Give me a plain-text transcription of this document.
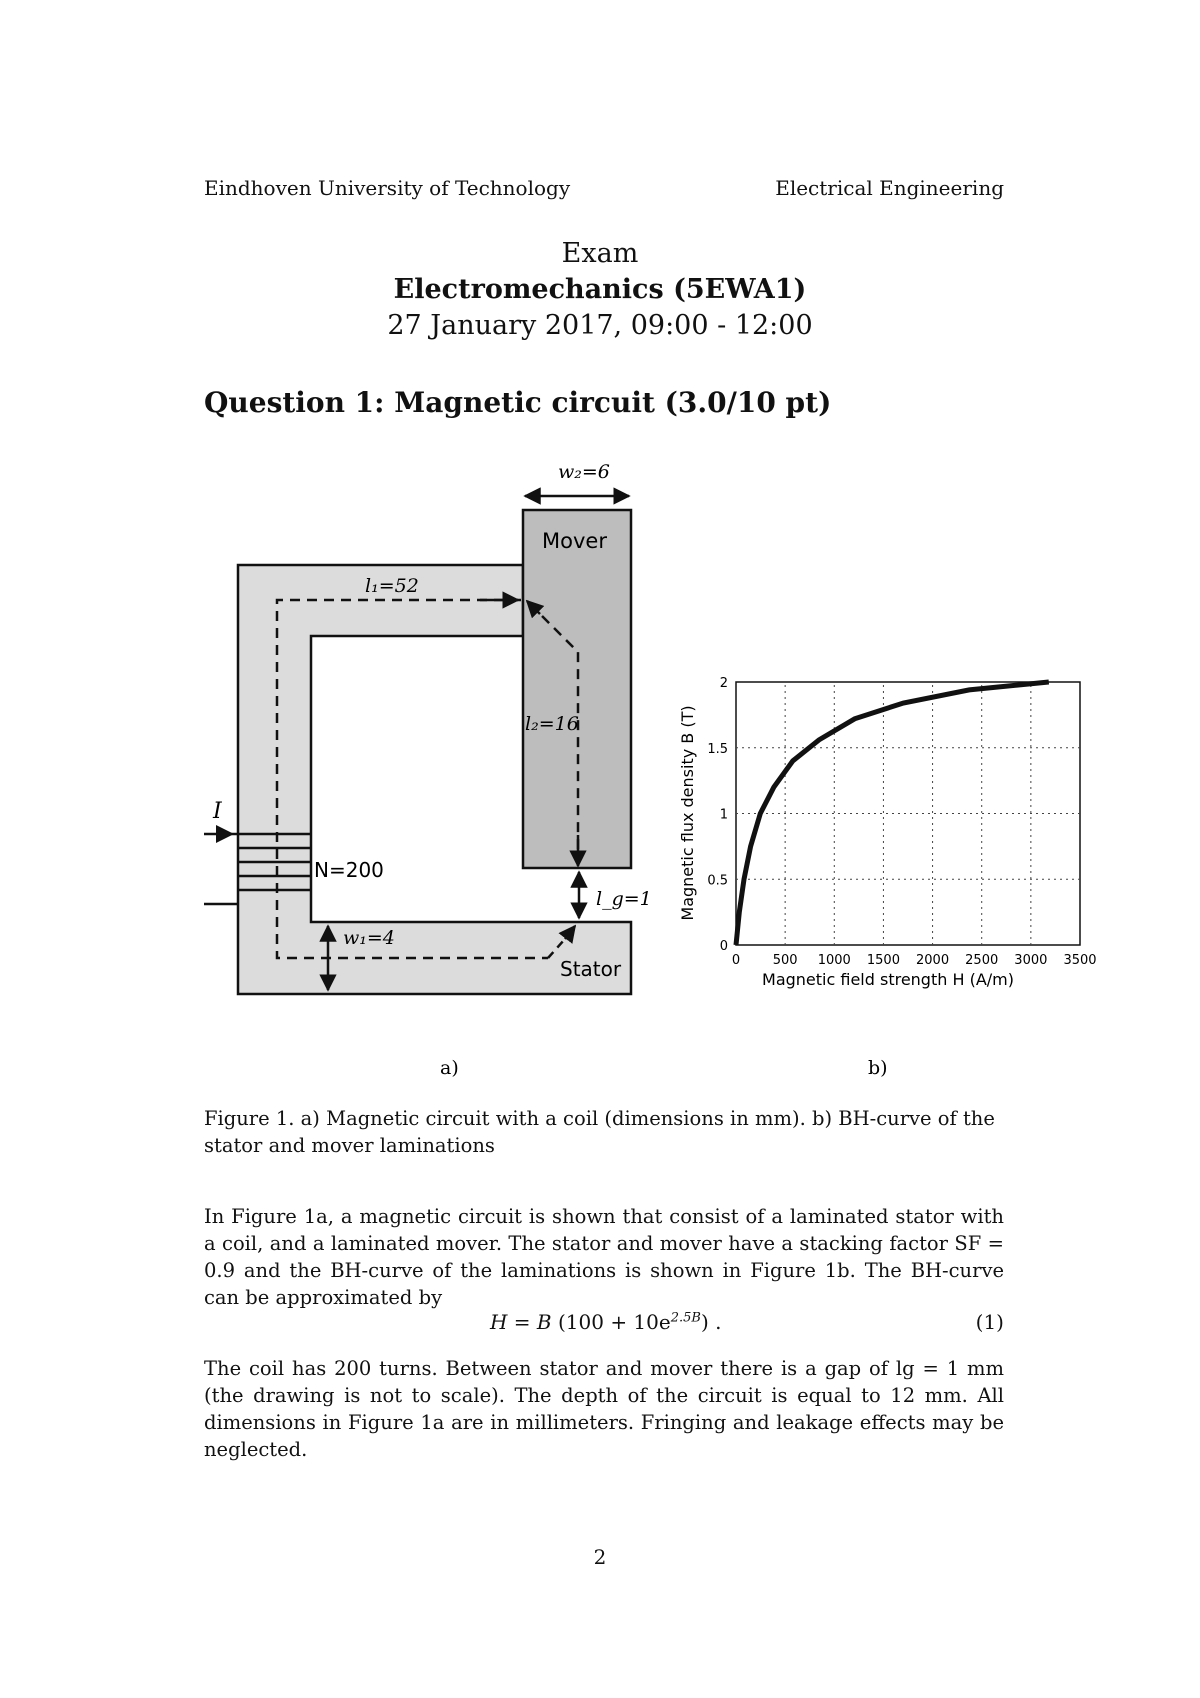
Eindhoven University of Technology	Electrical Engineering
Exam
Electromechanics (5EWA1)
27 January 2017, 09:00 - 12:00
Question 1: Magnetic circuit (3.0/10 pt)
I
N=200
Mover
Stator
w₂=6
l₁=52
l₂=16
l_g=1
w₁=4
a)
0	500 1000 1500 2000 2500 3000 3500
0
0.5
1
1.5
2
Magnetic field strength H (A/m)
Magnetic flux density B (T)
b)
Figure 1. a) Magnetic circuit with a coil (dimensions in mm). b) BH-curve of the stator and mover laminations
In Figure 1a, a magnetic circuit is shown that consist of a laminated stator with a coil, and a laminated mover. The stator and mover have a stacking factor SF = 0.9 and the BH-curve of the laminations is shown in Figure 1b. The BH-curve can be approximated by
H = B $(100 + 10e^{2.5B})$ .	(1)
The coil has 200 turns. Between stator and mover there is a gap of lg = 1 mm (the drawing is not to scale). The depth of the circuit is equal to 12 mm. All dimensions in Figure 1a are in millimeters. Fringing and leakage effects may be neglected.
2
